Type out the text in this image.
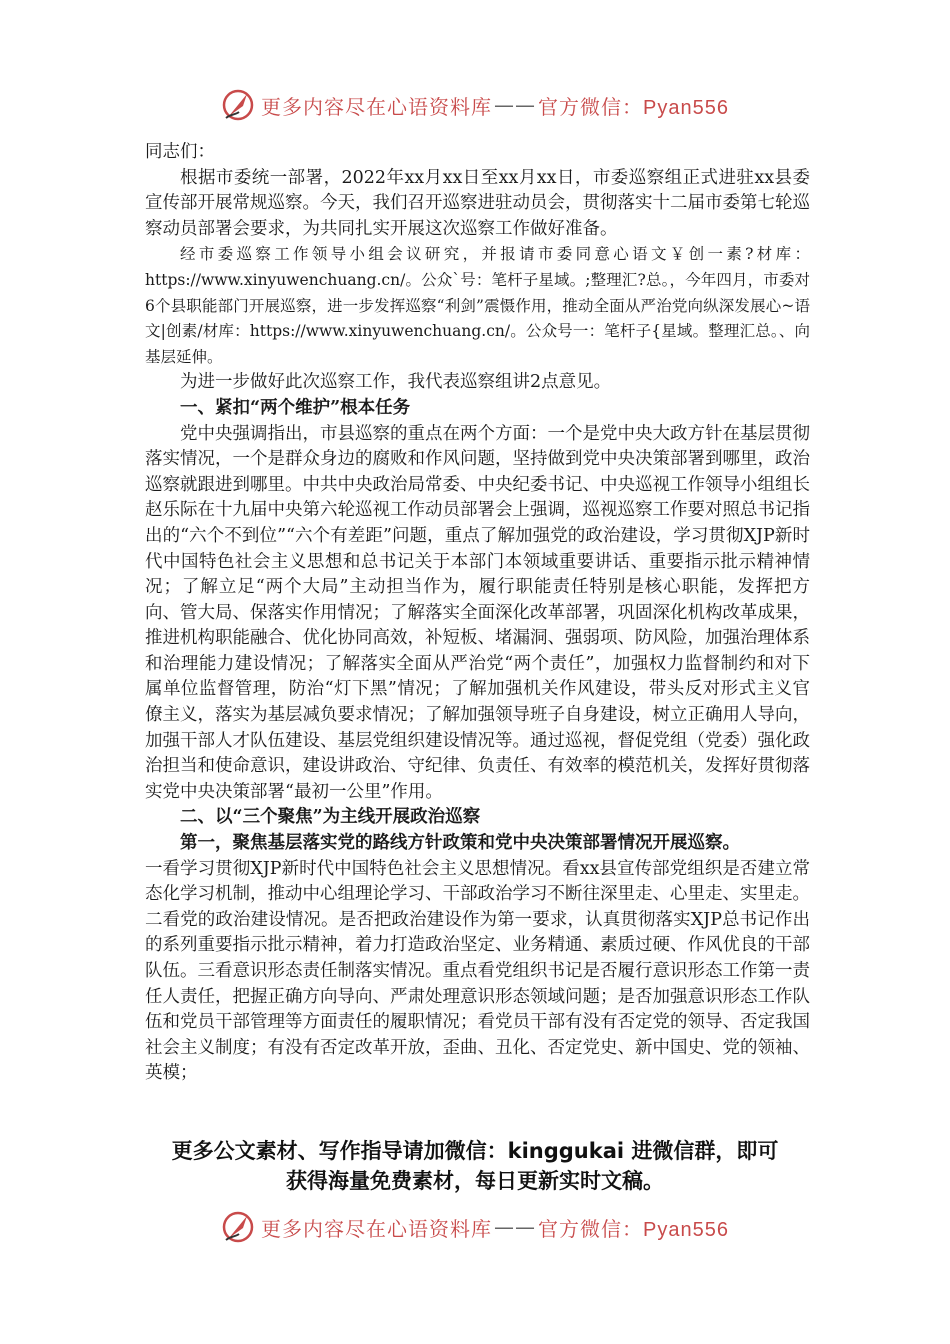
更多内容尽在心语资料库 —— 官方微信：Pyan556

同志们：

根据市委统一部署，2022年xx月xx日至xx月xx日，市委巡察组正式进驻xx县委宣传部开展常规巡察。今天，我们召开巡察进驻动员会，贯彻落实十二届市委第七轮巡察动员部署会要求，为共同扎实开展这次巡察工作做好准备。

经市委巡察工作领导小组会议研究，并报请市委同意心语文￥创一素?材库：https://www.xinyuwenchuang.cn/。公众`号：笔杆子星域。;整理汇?总。，今年四月，市委对6个县职能部门开展巡察，进一步发挥巡察“利剑”震慑作用，推动全面从严治党向纵深发展心~语文|创素/材库：https://www.xinyuwenchuang.cn/。公众号一：笔杆子{星域。整理汇总。、向基层延伸。

为进一步做好此次巡察工作，我代表巡察组讲2点意见。

一、紧扣“两个维护”根本任务

党中央强调指出，市县巡察的重点在两个方面：一个是党中央大政方针在基层贯彻落实情况，一个是群众身边的腐败和作风问题，坚持做到党中央决策部署到哪里，政治巡察就跟进到哪里。中共中央政治局常委、中央纪委书记、中央巡视工作领导小组组长赵乐际在十九届中央第六轮巡视工作动员部署会上强调，巡视巡察工作要对照总书记指出的“六个不到位”“六个有差距”问题，重点了解加强党的政治建设，学习贯彻XJP新时代中国特色社会主义思想和总书记关于本部门本领域重要讲话、重要指示批示精神情况；了解立足“两个大局”主动担当作为，履行职能责任特别是核心职能，发挥把方向、管大局、保落实作用情况；了解落实全面深化改革部署，巩固深化机构改革成果，推进机构职能融合、优化协同高效，补短板、堵漏洞、强弱项、防风险，加强治理体系和治理能力建设情况；了解落实全面从严治党“两个责任”，加强权力监督制约和对下属单位监督管理，防治“灯下黑”情况；了解加强机关作风建设，带头反对形式主义官僚主义，落实为基层减负要求情况；了解加强领导班子自身建设，树立正确用人导向，加强干部人才队伍建设、基层党组织建设情况等。通过巡视，督促党组（党委）强化政治担当和使命意识，建设讲政治、守纪律、负责任、有效率的模范机关，发挥好贯彻落实党中央决策部署“最初一公里”作用。

二、以“三个聚焦”为主线开展政治巡察

第一，聚焦基层落实党的路线方针政策和党中央决策部署情况开展巡察。一看学习贯彻XJP新时代中国特色社会主义思想情况。看xx县宣传部党组织是否建立常态化学习机制，推动中心组理论学习、干部政治学习不断往深里走、心里走、实里走。二看党的政治建设情况。是否把政治建设作为第一要求，认真贯彻落实XJP总书记作出的系列重要指示批示精神，着力打造政治坚定、业务精通、素质过硬、作风优良的干部队伍。三看意识形态责任制落实情况。重点看党组织书记是否履行意识形态工作第一责任人责任，把握正确方向导向、严肃处理意识形态领域问题；是否加强意识形态工作队伍和党员干部管理等方面责任的履职情况；看党员干部有没有否定党的领导、否定我国社会主义制度；有没有否定改革开放，歪曲、丑化、否定党史、新中国史、党的领袖、英模；

更多公文素材、写作指导请加微信：kinggukai 进微信群，即可
获得海量免费素材，每日更新实时文稿。
更多内容尽在心语资料库 —— 官方微信：Pyan556
